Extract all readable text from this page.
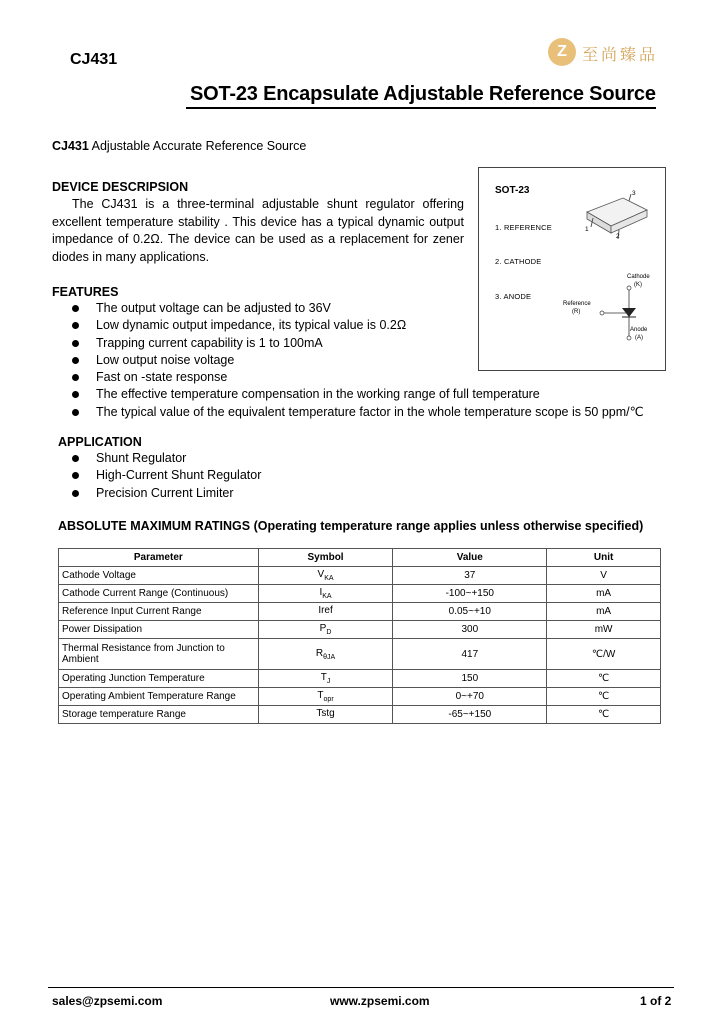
CJ431	Z 至尚臻品
SOT-23 Encapsulate Adjustable Reference Source
CJ431 Adjustable Accurate Reference Source
DEVICE DESCRIPSION

The CJ431 is a three-terminal adjustable shunt regulator offering excellent temperature stability . This device has a typical dynamic output impedance of 0.2Ω. The device can be used as a replacement for zener diodes in many applications.

SOT-23
1. REFERENCE
2. CATHODE
3. ANODE
3
1
2
Cathode
(K)
Reference
(R)
Anode
(A)
FEATURES
The output voltage can be adjusted to 36V
Low dynamic output impedance, its typical value is 0.2Ω
Trapping current capability is 1 to 100mA
Low output noise voltage
Fast on -state response
The effective temperature compensation in the working range of full temperature
The typical value of the equivalent temperature factor in the whole temperature scope is 50 ppm/℃
APPLICATION
Shunt Regulator
High-Current Shunt Regulator
Precision Current Limiter
ABSOLUTE MAXIMUM RATINGS (Operating temperature range applies unless otherwise specified)
Parameter	Symbol	Value	Unit
Cathode Voltage	$V_{KA}$	37	V
Cathode Current Range (Continuous)	$I_{KA}$	-100~+150	mA
Reference Input Current Range	Iref	0.05~+10	mA
Power Dissipation	$P_D$	300	mW
Thermal Resistance from Junction to Ambient	$R_{\theta JA}$	417	℃/W
Operating Junction Temperature	$T_J$	150	℃
Operating Ambient Temperature Range	$T_{opr}$	0~+70	℃
Storage temperature Range	Tstg	-65~+150	℃
sales@zpsemi.com	www.zpsemi.com	1 of 2
